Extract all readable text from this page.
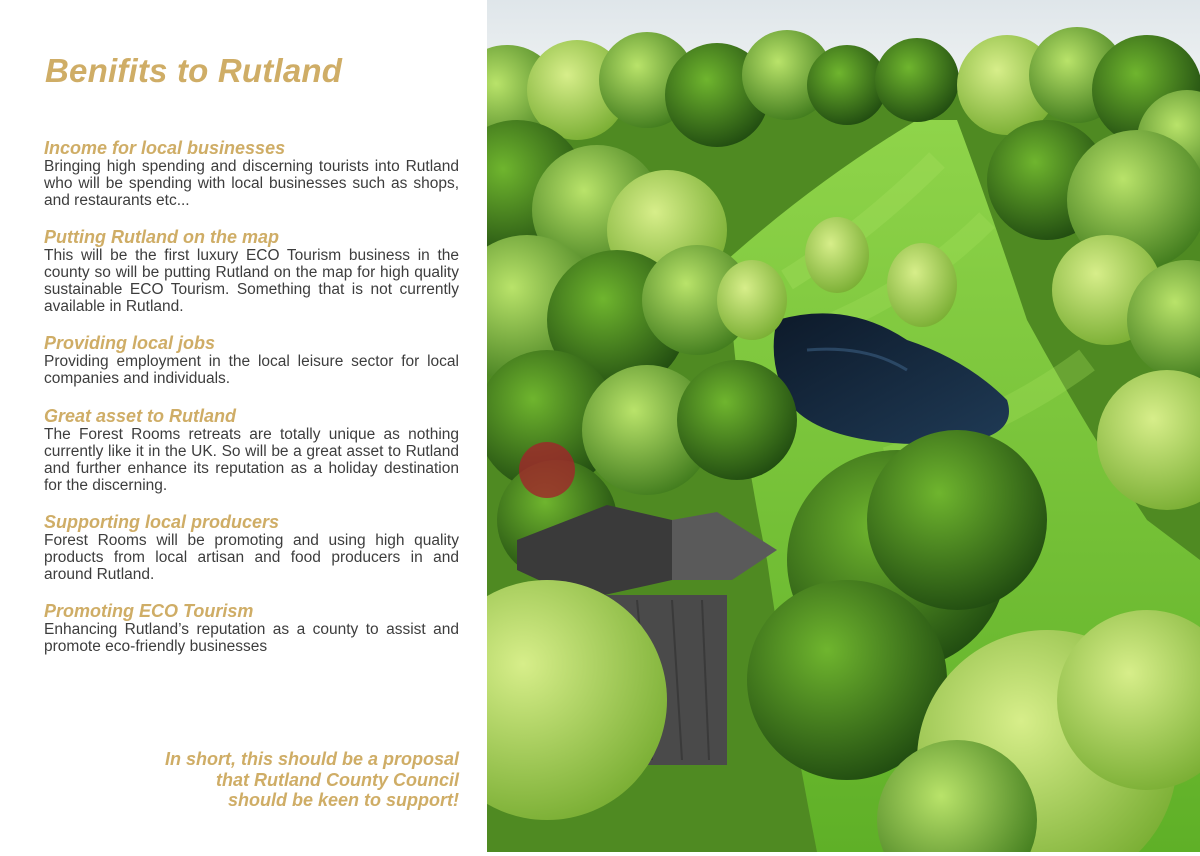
Benifits to Rutland
Income for local businesses

Bringing high spending and discerning tourists into Rutland who will be spending with local businesses such as shops, and restaurants etc...

Putting Rutland on the map

This will be the first luxury ECO Tourism business in the county so will be putting Rutland on the map for high quality sustainable ECO Tourism. Something that is not currently available in Rutland.

Providing local jobs

Providing employment in the local leisure sector for local companies and individuals.

Great asset to Rutland

The Forest Rooms retreats are totally unique as nothing currently like it in the UK. So will be a great asset to Rutland and further enhance its reputation as a holiday destination for the discerning.

Supporting local producers

Forest Rooms will be promoting and using high quality products from local artisan and food producers in and around Rutland.

Promoting ECO Tourism

Enhancing Rutland’s reputation as a county to assist and promote eco-friendly businesses

In short, this should be a proposal
that Rutland County Council
should be keen to support!
